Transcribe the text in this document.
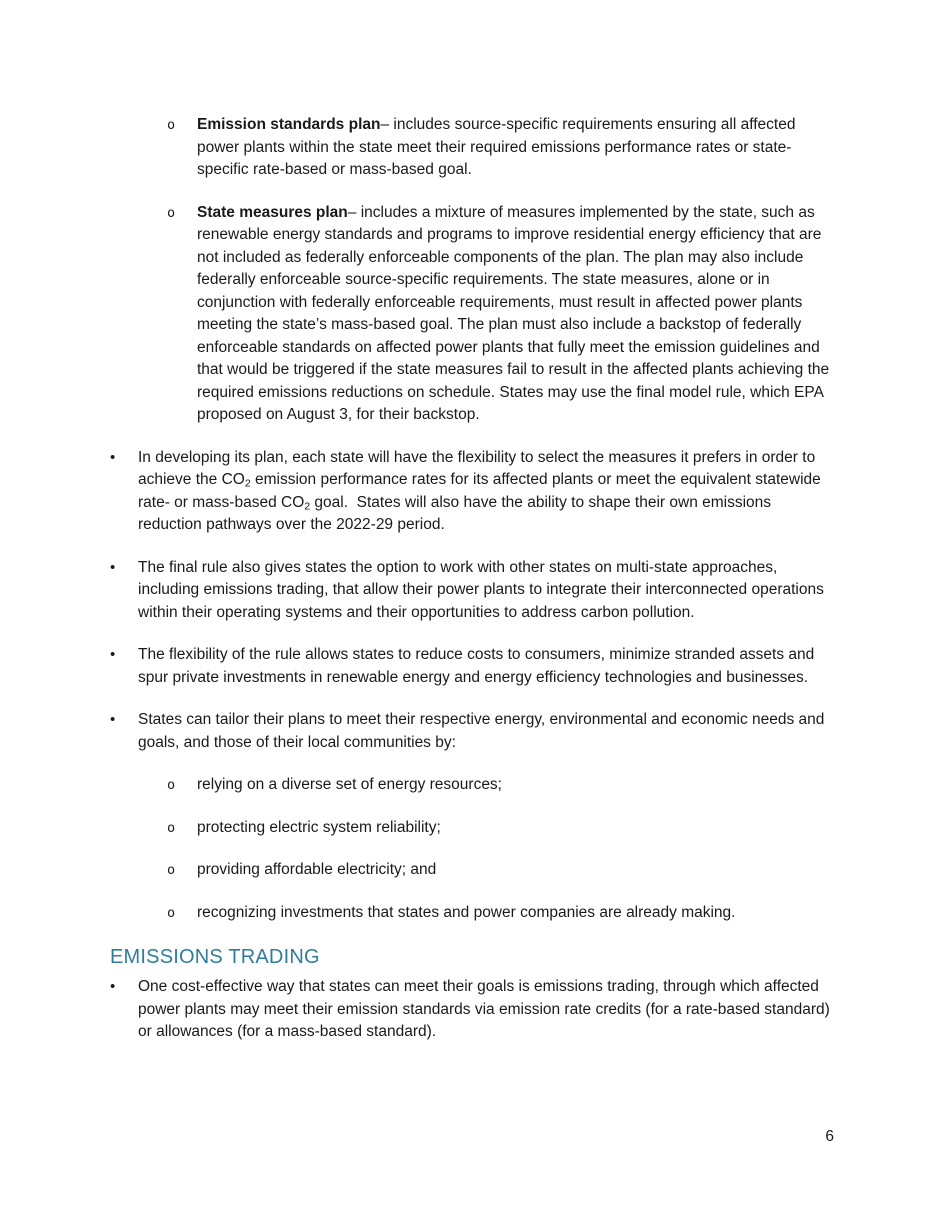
o	Emission standards plan– includes source-specific requirements ensuring all affected power plants within the state meet their required emissions performance rates or state-specific rate-based or mass-based goal.
o	State measures plan– includes a mixture of measures implemented by the state, such as renewable energy standards and programs to improve residential energy efficiency that are not included as federally enforceable components of the plan. The plan may also include federally enforceable source-specific requirements. The state measures, alone or in conjunction with federally enforceable requirements, must result in affected power plants meeting the state’s mass-based goal. The plan must also include a backstop of federally enforceable standards on affected power plants that fully meet the emission guidelines and that would be triggered if the state measures fail to result in the affected plants achieving the required emissions reductions on schedule. States may use the final model rule, which EPA proposed on August 3, for their backstop.
•	In developing its plan, each state will have the flexibility to select the measures it prefers in order to achieve the $CO_2$ emission performance rates for its affected plants or meet the equivalent statewide rate- or mass-based $CO_2$ goal.  States will also have the ability to shape their own emissions reduction pathways over the 2022-29 period.
•	The final rule also gives states the option to work with other states on multi-state approaches, including emissions trading, that allow their power plants to integrate their interconnected operations within their operating systems and their opportunities to address carbon pollution.
•	The flexibility of the rule allows states to reduce costs to consumers, minimize stranded assets and spur private investments in renewable energy and energy efficiency technologies and businesses.
•	States can tailor their plans to meet their respective energy, environmental and economic needs and goals, and those of their local communities by:
o	relying on a diverse set of energy resources;
o	protecting electric system reliability;
o	providing affordable electricity; and
o	recognizing investments that states and power companies are already making.
EMISSIONS TRADING
•	One cost-effective way that states can meet their goals is emissions trading, through which affected power plants may meet their emission standards via emission rate credits (for a rate-based standard) or allowances (for a mass-based standard).
6
